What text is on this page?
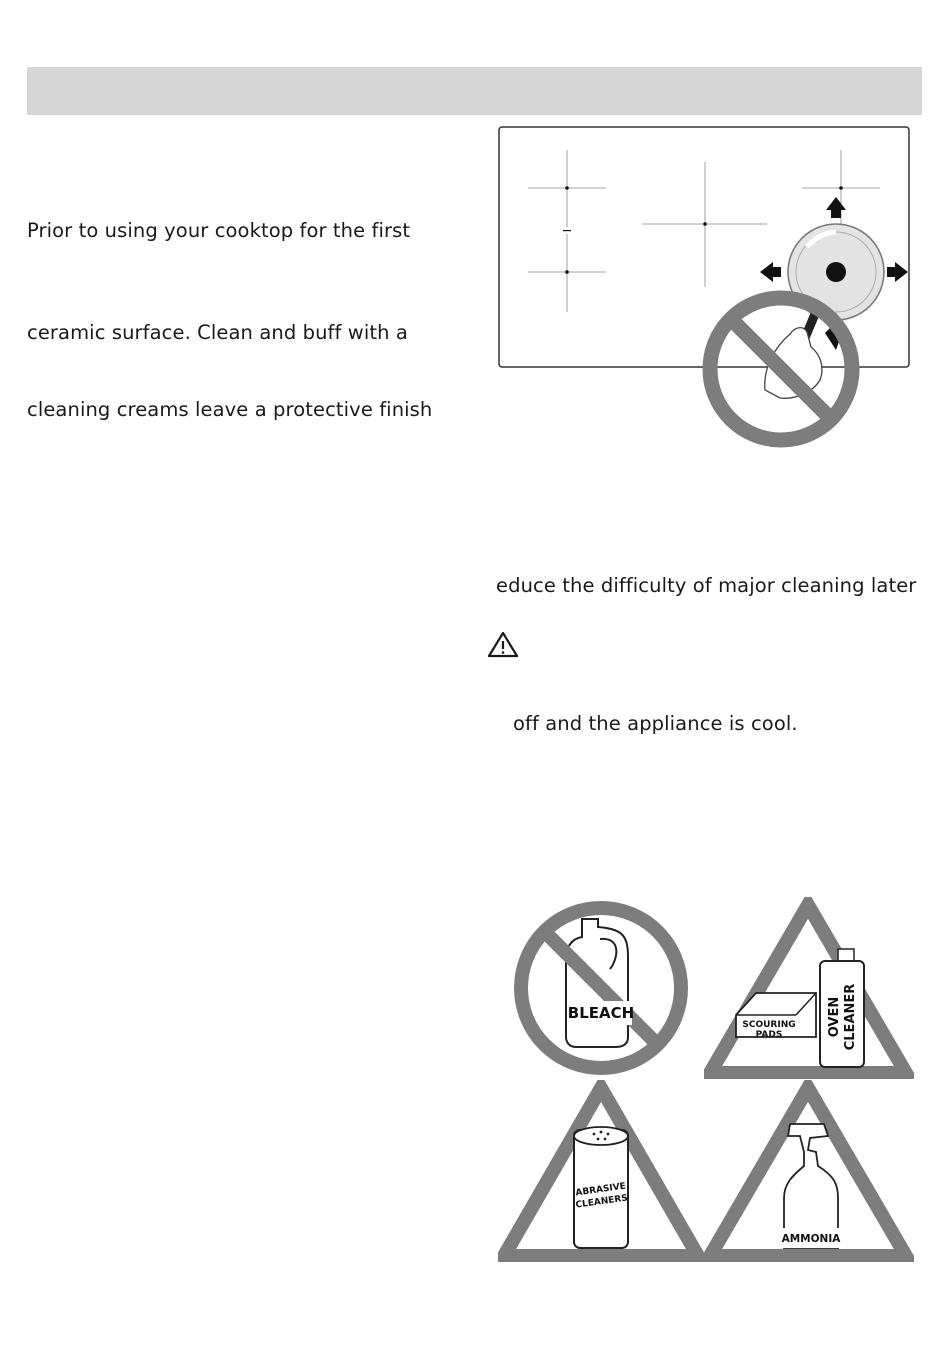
Prior to using your cooktop for the first
ceramic surface. Clean and buff with a
cleaning creams leave a protective finish
educe the difficulty of major cleaning later
off and the appliance is cool.
BLEACH
SCOURING
PADS	OVEN CLEANER
ABRASIVE
CLEANERS
AMMONIA
